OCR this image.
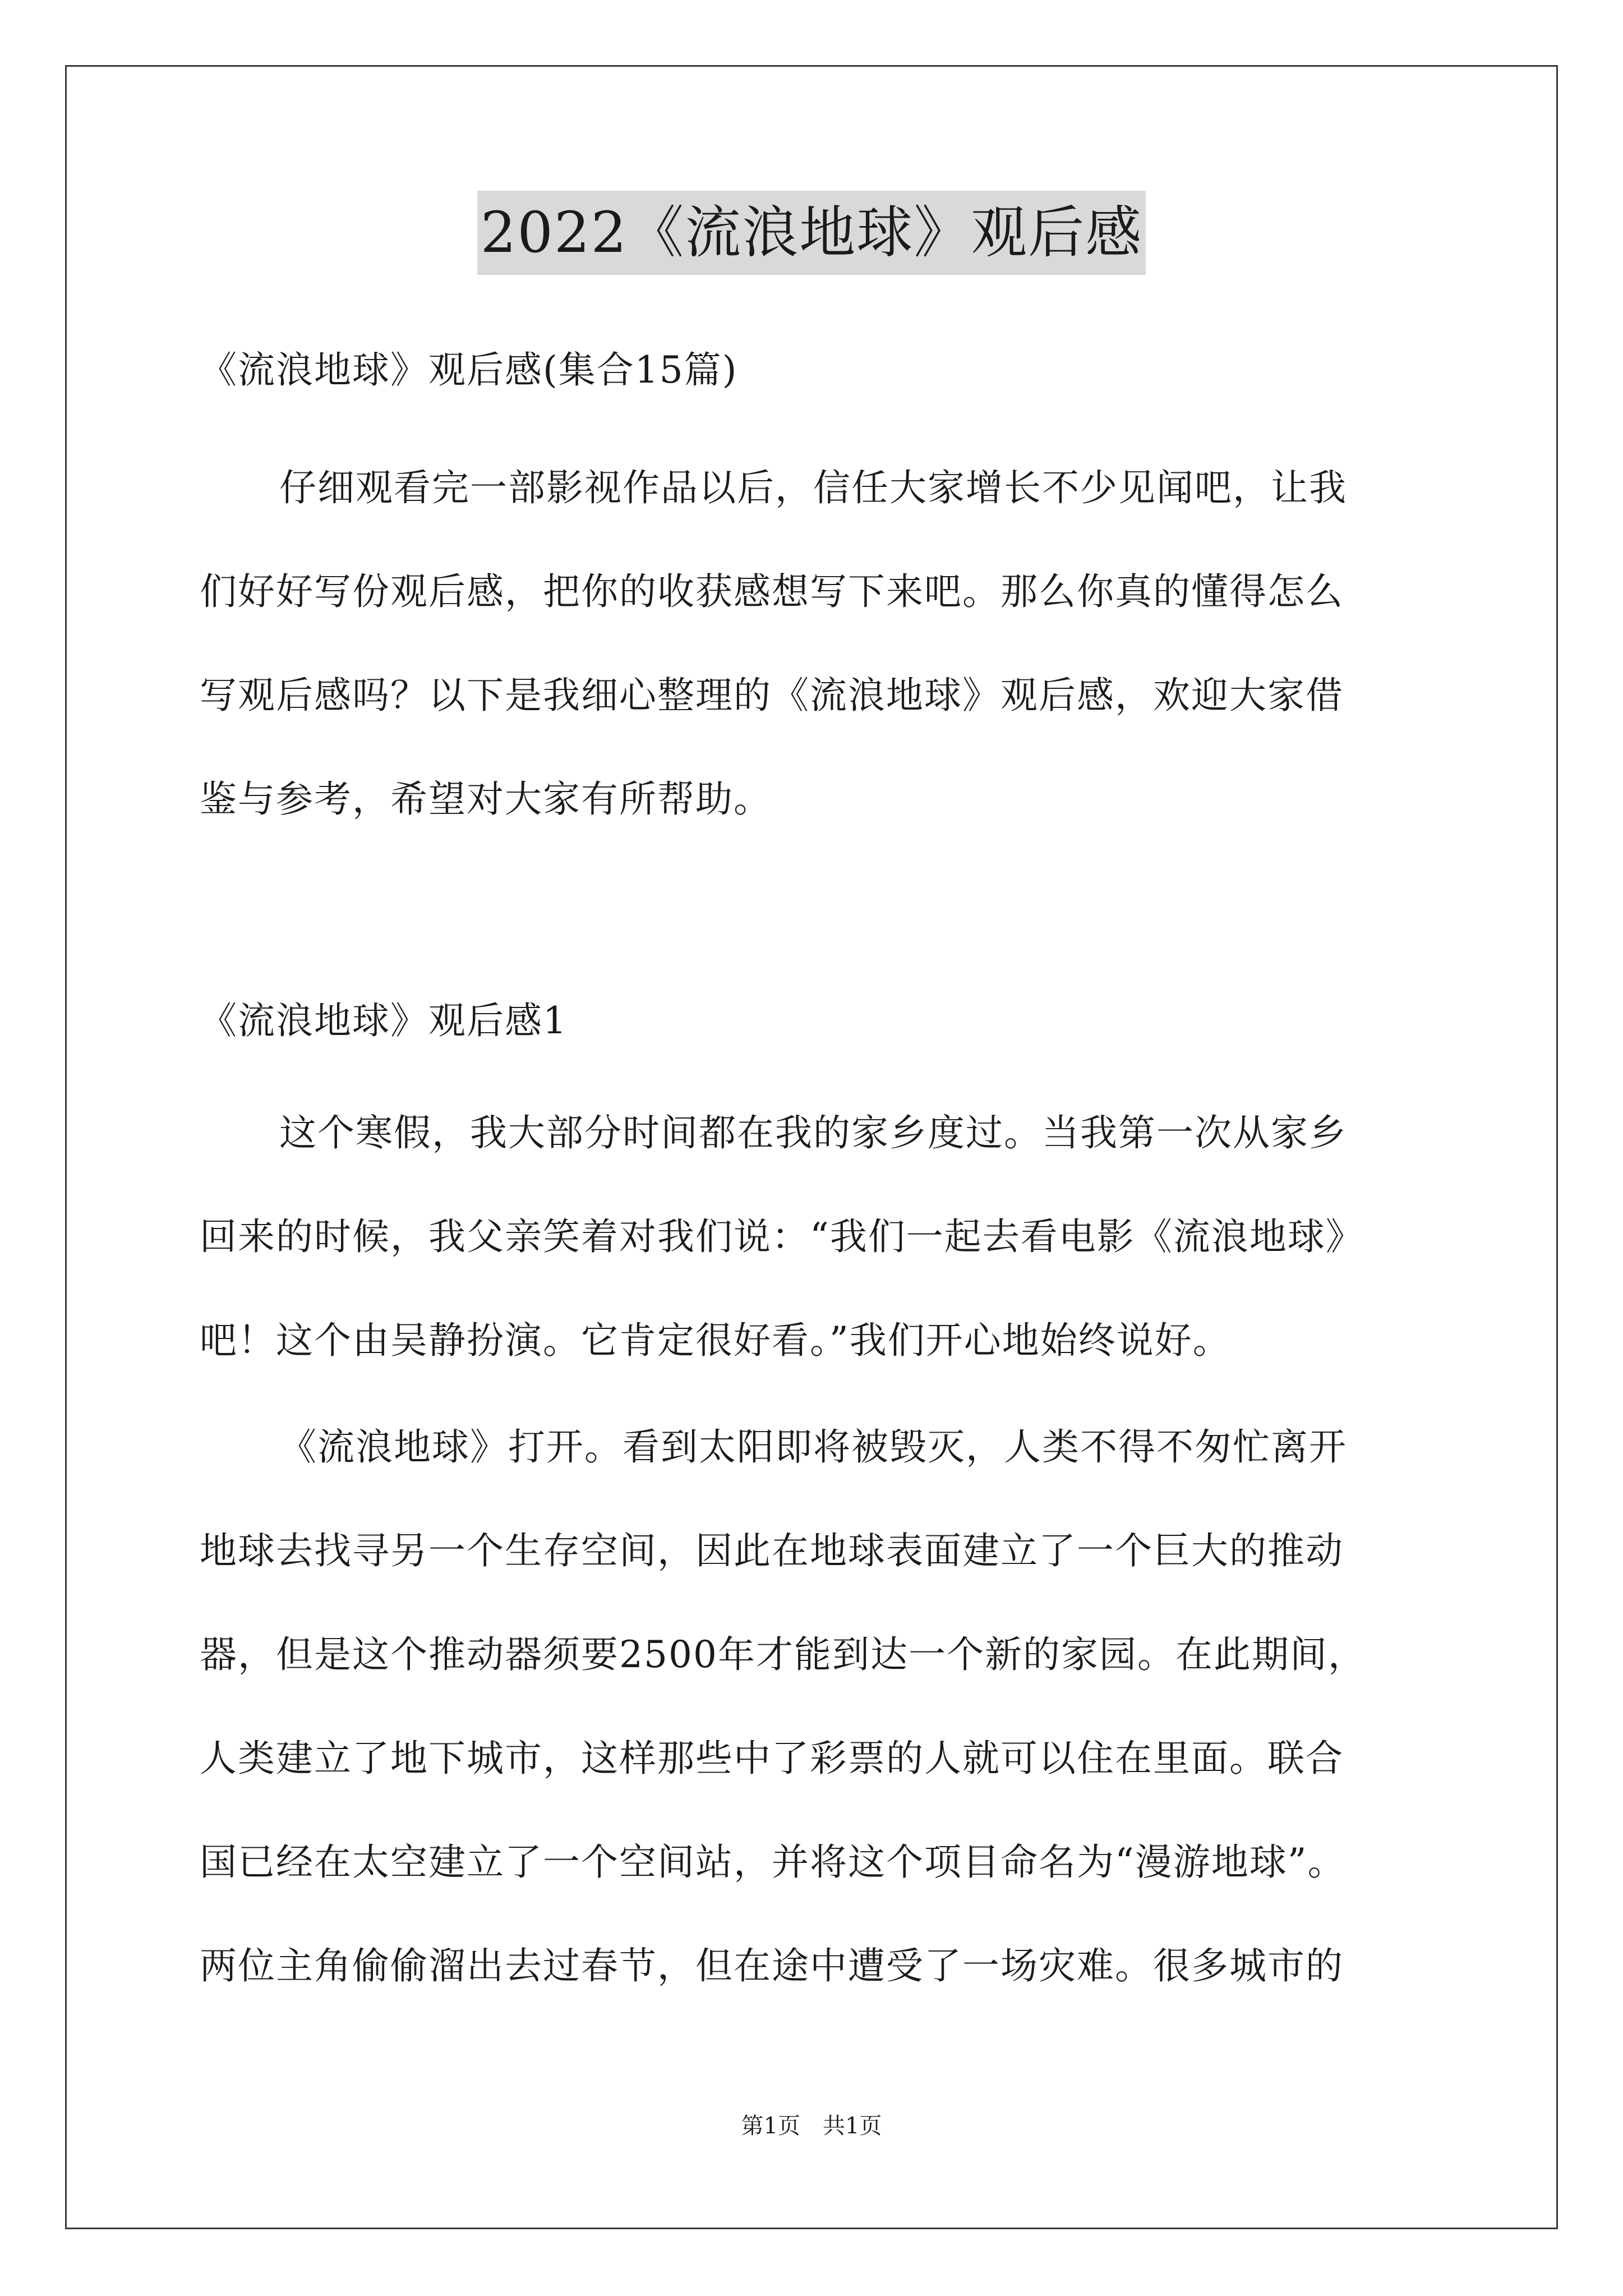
2022《流浪地球》观后感
《流浪地球》观后感(集合15篇)
仔细观看完一部影视作品以后，信任大家增长不少见闻吧，让我
们好好写份观后感，把你的收获感想写下来吧。那么你真的懂得怎么
写观后感吗？以下是我细心整理的《流浪地球》观后感，欢迎大家借
鉴与参考，希望对大家有所帮助。
《流浪地球》观后感1
这个寒假，我大部分时间都在我的家乡度过。当我第一次从家乡
回来的时候，我父亲笑着对我们说：“我们一起去看电影《流浪地球》
吧！这个由吴静扮演。它肯定很好看。”我们开心地始终说好。
《流浪地球》打开。看到太阳即将被毁灭，人类不得不匆忙离开
地球去找寻另一个生存空间，因此在地球表面建立了一个巨大的推动
器，但是这个推动器须要2500年才能到达一个新的家园。在此期间，
人类建立了地下城市，这样那些中了彩票的人就可以住在里面。联合
国已经在太空建立了一个空间站，并将这个项目命名为“漫游地球”。
两位主角偷偷溜出去过春节，但在途中遭受了一场灾难。很多城市的
第1页　共1页
